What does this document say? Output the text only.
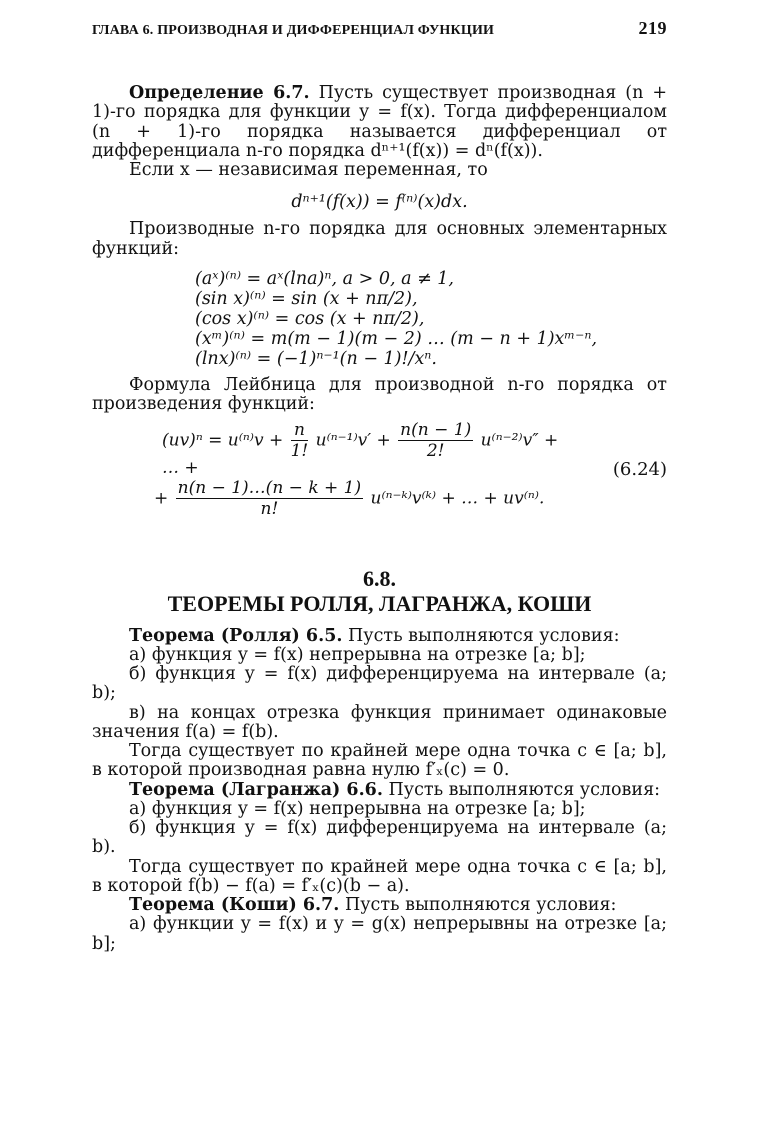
ГЛАВА 6. ПРОИЗВОДНАЯ И ДИФФЕРЕНЦИАЛ ФУНКЦИИ	219

Определение 6.7. Пусть существует производная (n + 1)-го порядка для функции y = f(x). Тогда дифференциалом (n + 1)-го порядка называется дифференциал от дифференциала n-го порядка dⁿ⁺¹(f(x)) = dⁿ(f(x)).

Если x — независимая переменная, то

dⁿ⁺¹(f(x)) = f⁽ⁿ⁾(x)dx.

Производные n-го порядка для основных элементарных функций:

(aˣ)⁽ⁿ⁾ = aˣ(lna)ⁿ, a > 0, a ≠ 1,
(sin x)⁽ⁿ⁾ = sin (x + nπ/2),
(cos x)⁽ⁿ⁾ = cos (x + nπ/2),
(xᵐ)⁽ⁿ⁾ = m(m − 1)(m − 2) … (m − n + 1)xᵐ⁻ⁿ,
(lnx)⁽ⁿ⁾ = (−1)ⁿ⁻¹(n − 1)!/xⁿ.

Формула Лейбница для производной n-го порядка от произведения функций:

$(uv)^n = u^{(n)}v + \frac{n}{1!} u^{(n-1)}v' + \frac{n(n - 1)}{2!} u^{(n-2)}v''$ + … +
+ $\frac{n(n - 1)\dots(n - k + 1)}{n!}$ u⁽ⁿ⁻ᵏ⁾v⁽ᵏ⁾ + … + uv⁽ⁿ⁾.
(6.24)
6.8.
ТЕОРЕМЫ РОЛЛЯ, ЛАГРАНЖА, КОШИ

Теорема (Ролля) 6.5. Пусть выполняются условия:

а) функция y = f(x) непрерывна на отрезке [a; b];

б) функция y = f(x) дифференцируема на интервале (a; b);

в) на концах отрезка функция принимает одинаковые значения f(a) = f(b).

Тогда существует по крайней мере одна точка c ∈ [a; b], в которой производная равна нулю f′ₓ(c) = 0.

Теорема (Лагранжа) 6.6. Пусть выполняются условия:

а) функция y = f(x) непрерывна на отрезке [a; b];

б) функция y = f(x) дифференцируема на интервале (a; b).

Тогда существует по крайней мере одна точка c ∈ [a; b], в которой f(b) − f(a) = f′ₓ(c)(b − a).

Теорема (Коши) 6.7. Пусть выполняются условия:

а) функции y = f(x) и y = g(x) непрерывны на отрезке [a; b];
